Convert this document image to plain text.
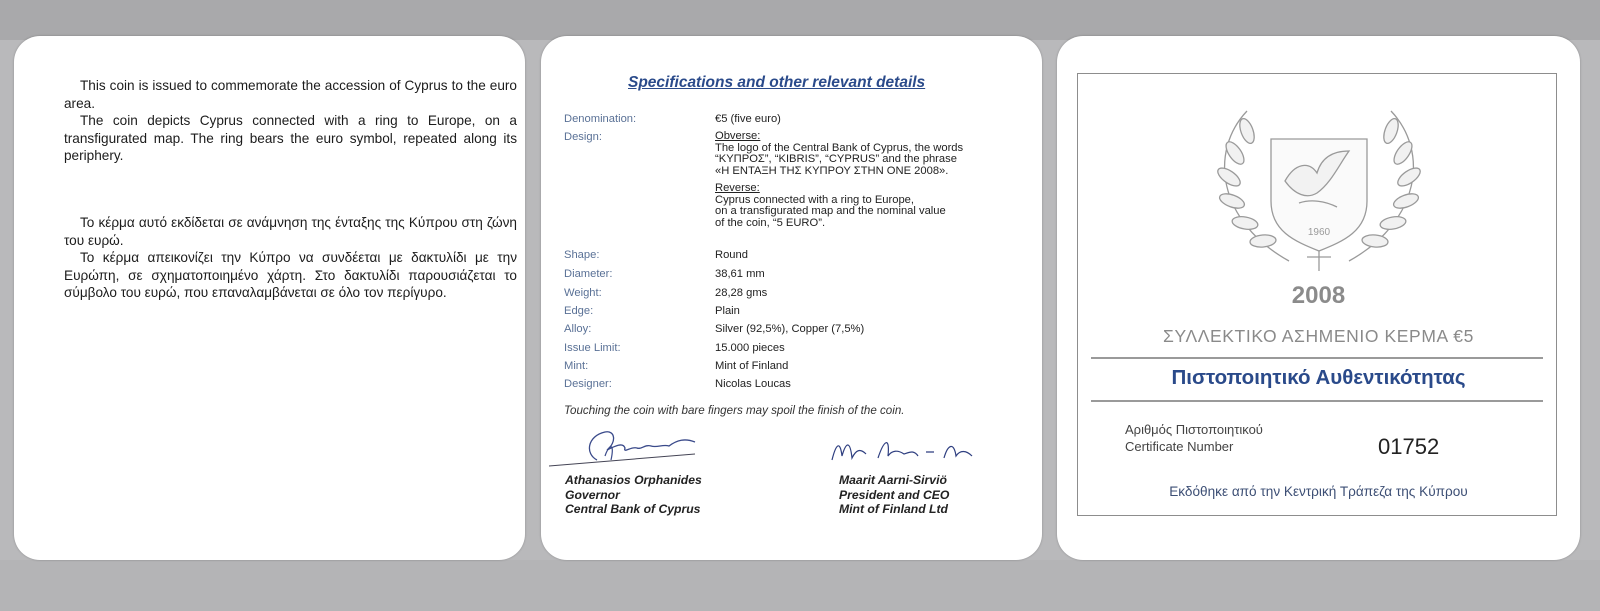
This coin is issued to commemorate the accession of Cyprus to the euro area.

The coin depicts Cyprus connected with a ring to Europe, on a transfigurated map. The ring bears the euro symbol, repeated along its periphery.

Το κέρμα αυτό εκδίδεται σε ανάμνηση της ένταξης της Κύπρου στη ζώνη του ευρώ.

Το κέρμα απεικονίζει την Κύπρο να συνδέεται με δακτυλίδι με την Ευρώπη, σε σχηματοποιημένο χάρτη. Στο δακτυλίδι παρουσιάζεται το σύμβολο του ευρώ, που επαναλαμβάνεται σε όλο τον περίγυρο.

Specifications and other relevant details
Denomination:	€5 (five euro)
Design:	Obverse:
The logo of the Central Bank of Cyprus, the words
“ΚΥΠΡΟΣ”, “KIBRIS”, “CYPRUS” and the phrase
«Η ΕΝΤΑΞΗ ΤΗΣ ΚΥΠΡΟΥ ΣΤΗΝ ΟΝΕ 2008».
Reverse:
Cyprus connected with a ring to Europe,
on a transfigurated map and the nominal value
of the coin, “5 EURO”.
Shape:	Round
Diameter:	38,61 mm
Weight:	28,28 gms
Edge:	Plain
Alloy:	Silver (92,5%), Copper (7,5%)
Issue Limit:	15.000 pieces
Mint:	Mint of Finland
Designer:	Nicolas Loucas
Touching the coin with bare fingers may spoil the finish of the coin.
Athanasios Orphanides
Governor
Central Bank of Cyprus
Maarit Aarni-Sirviö
President and CEO
Mint of Finland Ltd
1960
2008
ΣΥΛΛΕΚΤΙΚΟ ΑΣΗΜΕΝΙΟ ΚΕΡΜΑ €5
Πιστοποιητικό Αυθεντικότητας
Αριθμός Πιστοποιητικού
Certificate Number	01752
Εκδόθηκε από την Κεντρική Τράπεζα της Κύπρου
